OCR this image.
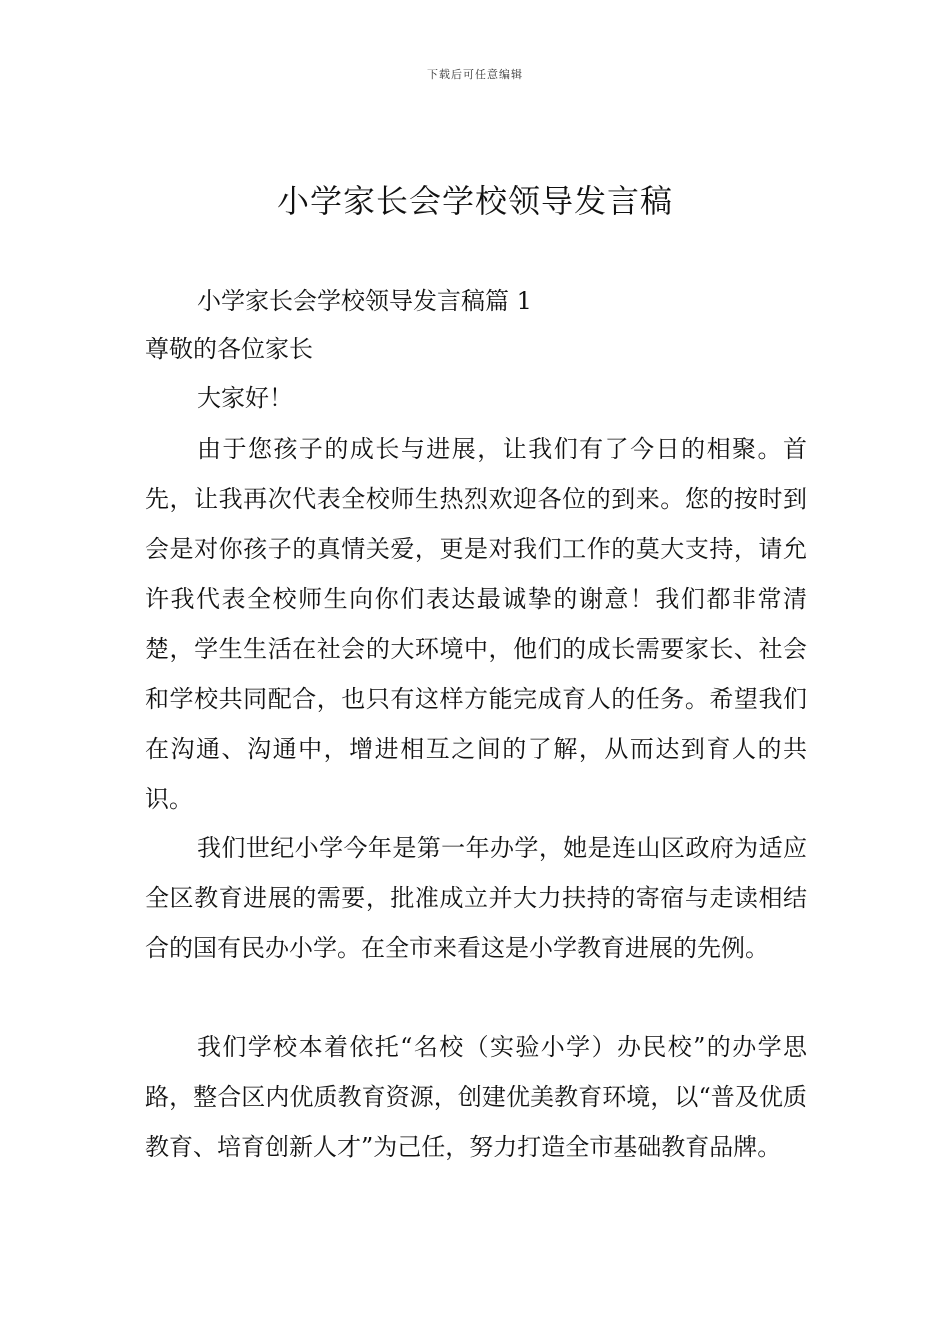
下载后可任意编辑
小学家长会学校领导发言稿
小学家长会学校领导发言稿篇 1
尊敬的各位家长
大家好！

由于您孩子的成长与进展，让我们有了今日的相聚。首先，让我再次代表全校师生热烈欢迎各位的到来。您的按时到会是对你孩子的真情关爱，更是对我们工作的莫大支持，请允许我代表全校师生向你们表达最诚挚的谢意！我们都非常清楚，学生生活在社会的大环境中，他们的成长需要家长、社会和学校共同配合，也只有这样方能完成育人的任务。希望我们在沟通、沟通中，增进相互之间的了解，从而达到育人的共识。

我们世纪小学今年是第一年办学，她是连山区政府为适应全区教育进展的需要，批准成立并大力扶持的寄宿与走读相结合的国有民办小学。在全市来看这是小学教育进展的先例。

我们学校本着依托“名校（实验小学）办民校”的办学思路，整合区内优质教育资源，创建优美教育环境，以“普及优质教育、培育创新人才”为己任，努力打造全市基础教育品牌。
